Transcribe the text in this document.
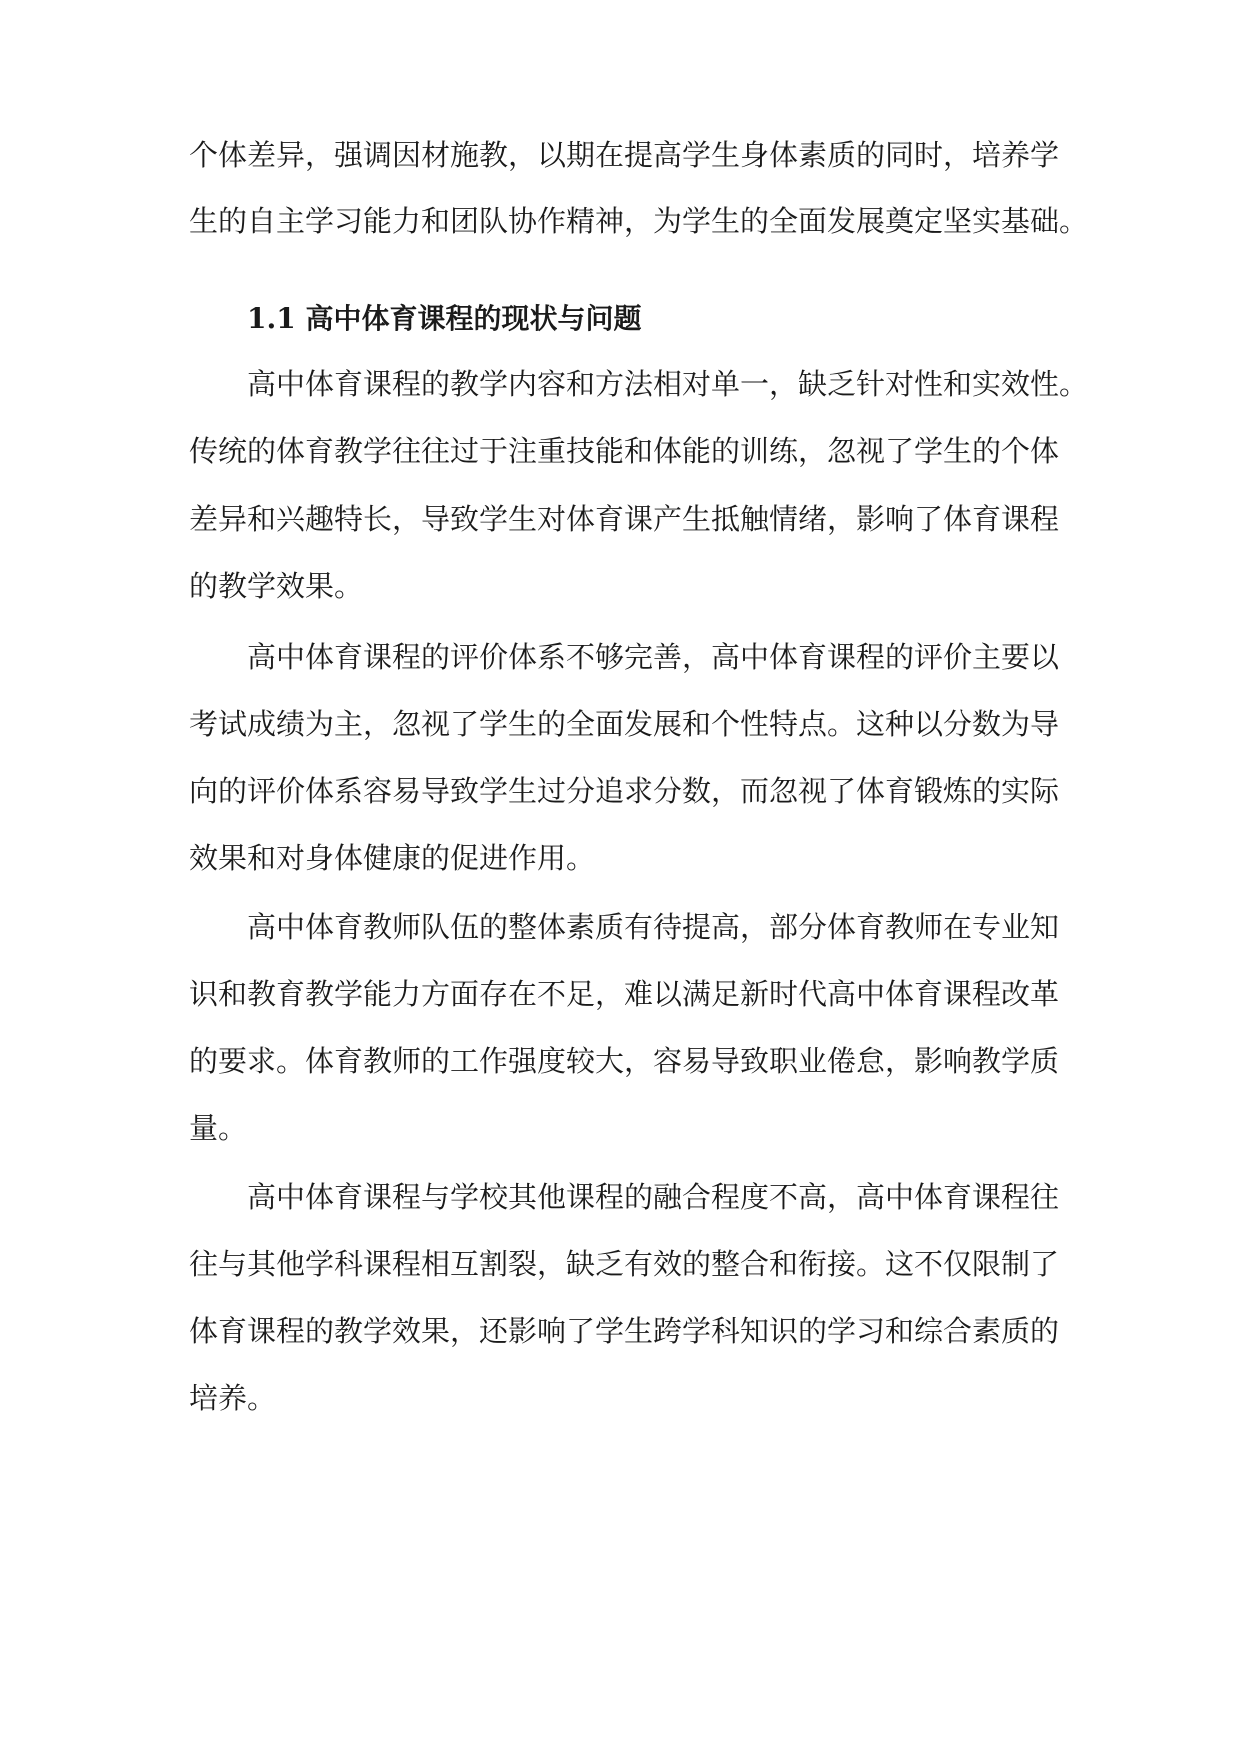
个体差异，强调因材施教，以期在提高学生身体素质的同时，培养学
生的自主学习能力和团队协作精神，为学生的全面发展奠定坚实基础。
1.1 高中体育课程的现状与问题
高中体育课程的教学内容和方法相对单一，缺乏针对性和实效性。
传统的体育教学往往过于注重技能和体能的训练，忽视了学生的个体
差异和兴趣特长，导致学生对体育课产生抵触情绪，影响了体育课程
的教学效果。
高中体育课程的评价体系不够完善，高中体育课程的评价主要以
考试成绩为主，忽视了学生的全面发展和个性特点。这种以分数为导
向的评价体系容易导致学生过分追求分数，而忽视了体育锻炼的实际
效果和对身体健康的促进作用。
高中体育教师队伍的整体素质有待提高，部分体育教师在专业知
识和教育教学能力方面存在不足，难以满足新时代高中体育课程改革
的要求。体育教师的工作强度较大，容易导致职业倦怠，影响教学质
量。
高中体育课程与学校其他课程的融合程度不高，高中体育课程往
往与其他学科课程相互割裂，缺乏有效的整合和衔接。这不仅限制了
体育课程的教学效果，还影响了学生跨学科知识的学习和综合素质的
培养。
